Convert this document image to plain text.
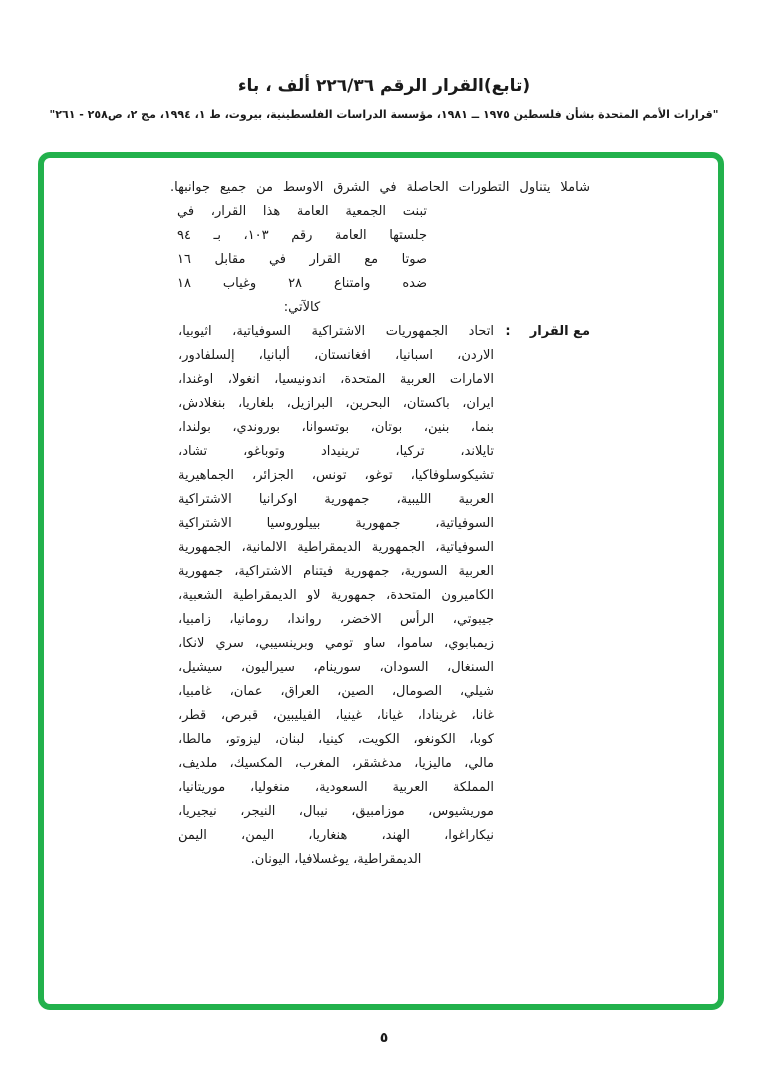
(تابع)القرار الرقم ٢٢٦/٣٦ ألف ، باء
"قرارات الأمم المتحدة بشأن فلسطين ١٩٧٥ ــ ١٩٨١، مؤسسة الدراسات الفلسطينية، بيروت، ط ١، ١٩٩٤، مج ٢، ص٢٥٨ - ٢٦١"
شاملا يتناول التطورات الحاصلة في الشرق الاوسط من جميع جوانبها.
تبنت الجمعية العامة هذا القرار، في
جلستها العامة رقم ١٠٣، بـ ٩٤
صوتا مع القرار في مقابل ١٦
ضده وامتناع ٢٨ وغياب ١٨
كالآتي:
مع القرار
:
اتحاد الجمهوريات الاشتراكية السوفياتية، اثيوبيا،
الاردن، اسبانيا، افغانستان، ألبانيا، إلسلفادور،
الامارات العربية المتحدة، اندونيسيا، انغولا، اوغندا،
ايران، باكستان، البحرين، البرازيل، بلغاريا، بنغلادش،
بنما، بنين، بوتان، بوتسوانا، بوروندي، بولندا،
تايلاند، تركيا، ترينيداد وتوباغو، تشاد،
تشيكوسلوفاكيا، توغو، تونس، الجزائر، الجماهيرية
العربية الليبية، جمهورية اوكرانيا الاشتراكية
السوفياتية، جمهورية بييلوروسيا الاشتراكية
السوفياتية، الجمهورية الديمقراطية الالمانية، الجمهورية
العربية السورية، جمهورية فيتنام الاشتراكية، جمهورية
الكاميرون المتحدة، جمهورية لاو الديمقراطية الشعبية،
جيبوتي، الرأس الاخضر، رواندا، رومانيا، زامبيا،
زيمبابوي، ساموا، ساو تومي وبرينسيبي، سري لانكا،
السنغال، السودان، سورينام، سيراليون، سيشيل،
شيلي، الصومال، الصين، العراق، عمان، غامبيا،
غانا، غرينادا، غيانا، غينيا، الفيليبين، قبرص، قطر،
كوبا، الكونغو، الكويت، كينيا، لبنان، ليزوتو، مالطا،
مالي، ماليزيا، مدغشقر، المغرب، المكسيك، ملديف،
المملكة العربية السعودية، منغوليا، موريتانيا،
موريشيوس، موزامبيق، نيبال، النيجر، نيجيريا،
نيكاراغوا، الهند، هنغاريا، اليمن، اليمن
الديمقراطية، يوغسلافيا، اليونان.
٥
